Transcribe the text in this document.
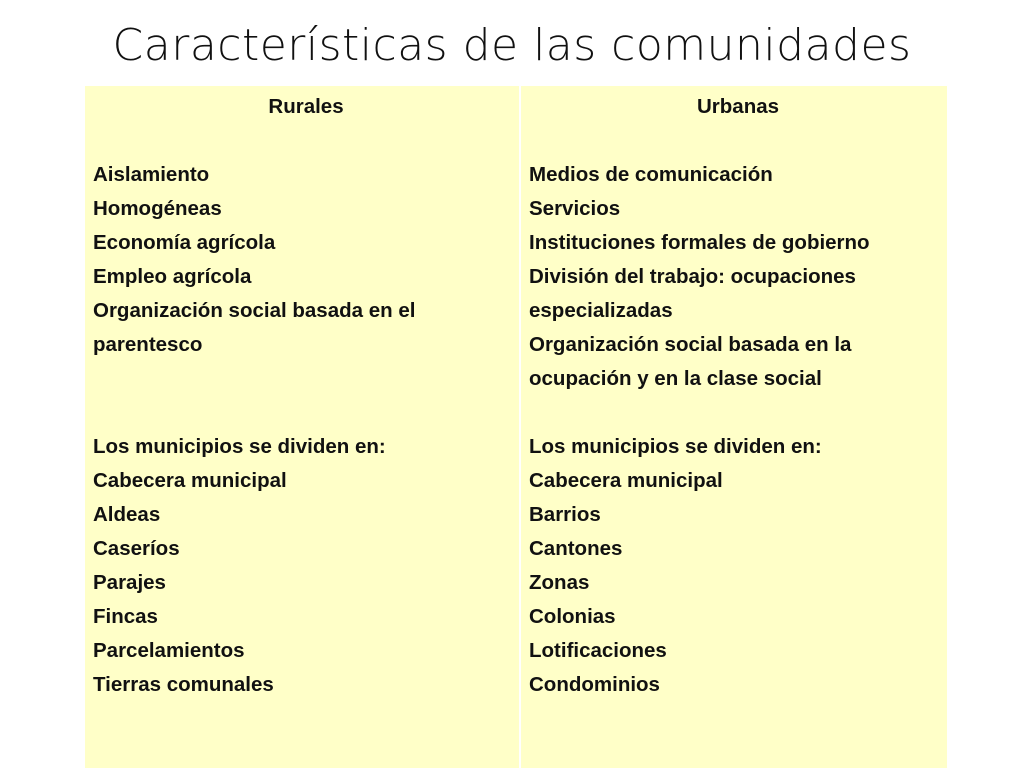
Características de las comunidades
Rurales
Aislamiento
Homogéneas
Economía agrícola
Empleo agrícola
Organización social basada en el parentesco
Los municipios se dividen en:
Cabecera municipal
Aldeas
Caseríos
Parajes
Fincas
Parcelamientos
Tierras comunales
Urbanas
Medios de comunicación
Servicios
Instituciones formales de gobierno
División del trabajo: ocupaciones especializadas
Organización social basada en la ocupación y en la clase social
Los municipios se dividen en:
Cabecera municipal
Barrios
Cantones
Zonas
Colonias
Lotificaciones
Condominios
